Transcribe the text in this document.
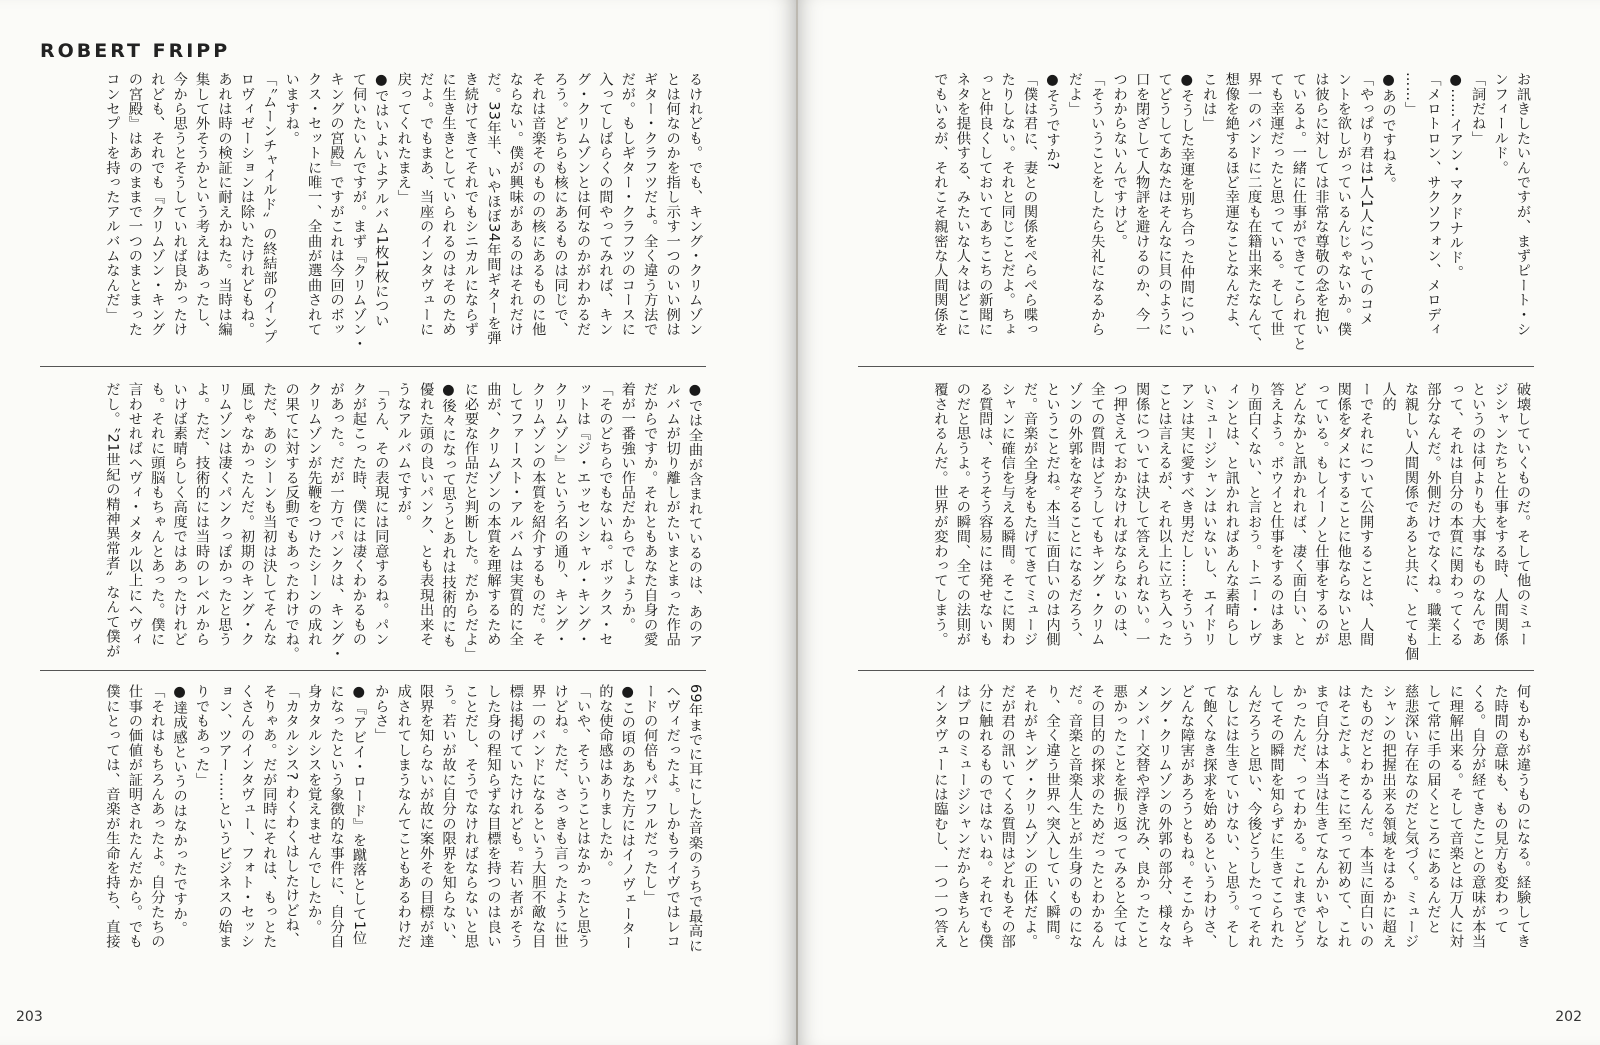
ROBERT FRIPP
るけれども。でも、キング・クリムゾン
とは何なのかを指し示す一つのいい例は
ギター・クラフツだよ。全く違う方法で
だが。もしギター・クラフツのコースに
入ってしばらくの間やってみれば、キン
グ・クリムゾンとは何なのかがわかるだ
ろう。どちらも核にあるものは同じで、
それは音楽そのものの核にあるものに他
ならない。僕が興味があるのはそれだけ
だ。33年半、いやほぼ34年間ギターを弾
き続けてきてそれでもシニカルにならず
に生き生きとしていられるのはそのため
だよ。でもまあ、当座のインタヴューに
戻ってくれたまえ」
●ではいよいよアルバム1枚1枚につい
て伺いたいんですが。まず『クリムゾン・
キングの宮殿』ですがこれは今回のボッ
クス・セットに唯一、全曲が選曲されて
いますね。
「〝ムーンチャイルド〟の終結部のインプ
ロヴィゼーションは除いたけれどもね。
あれは時の検証に耐えかねた。当時は編
集して外そうかという考えはあったし、
今から思うとそうしていれば良かったけ
れども、それでも『クリムゾン・キング
の宮殿』はあのままで一つのまとまった
コンセプトを持ったアルバムなんだ」
●では全曲が含まれているのは、あのア
ルバムが切り離しがたいまとまった作品
だからですか。それともあなた自身の愛
着が一番強い作品だからでしょうか。
「そのどちらでもないね。ボックス・セ
ットは『ジ・エッセンシャル・キング・
クリムゾン』という名の通り、キング・
クリムゾンの本質を紹介するものだ。そ
してファースト・アルバムは実質的に全
曲が、クリムゾンの本質を理解するため
に必要な作品だと判断した。だからだよ」
●後々になって思うとあれは技術的にも
優れた頭の良いパンク、とも表現出来そ
うなアルバムですが。
「うん、その表現には同意するね。パン
クが起こった時、僕には凄くわかるもの
があった。だが一方でパンクは、キング・
クリムゾンが先鞭をつけたシーンの成れ
の果てに対する反動でもあったわけでね。
ただ、あのシーンも当初は決してそんな
風じゃなかったんだ。初期のキング・ク
リムゾンは凄くパンクっぽかったと思う
よ。ただ、技術的には当時のレベルから
いけば素晴らしく高度ではあったけれど
も。それに頭脳もちゃんとあった。僕に
言わせればヘヴィ・メタル以上にヘヴィ
だし。〝21世紀の精神異常者〟なんて僕が
69年までに耳にした音楽のうちで最高に
ヘヴィだったよ。しかもライヴではレコ
ードの何倍もパワフルだったし」
●この頃のあなた方にはイノヴェーター
的な使命感はありましたか。
「いや、そういうことはなかったと思う
けどね。ただ、さっきも言ったように世
界一のバンドになるという大胆不敵な目
標は掲げていたけれども。若い者がそう
した身の程知らずな目標を持つのは良い
ことだし、そうでなければならないと思
う。若いが故に自分の限界を知らない、
限界を知らないが故に案外その目標が達
成されてしまうなんてこともあるわけだ
からさ」
●『アビイ・ロード』を蹴落として1位
になったという象徴的な事件に、自分自
身カタルシスを覚えませんでしたか。
「カタルシス? わくわくはしたけどね、
そりゃあ。だが同時にそれは、もっとた
くさんのインタヴュー、フォト・セッシ
ョン、ツアー……というビジネスの始ま
りでもあった」
●達成感というのはなかったですか。
「それはもちろんあったよ。自分たちの
仕事の価値が証明されたんだから。でも
僕にとっては、音楽が生命を持ち、直接
お訊きしたいんですが、まずピート・シ
ンフィールド。
「詞だね」
●……イアン・マクドナルド。
「メロトロン、サクソフォン、メロディ
……」
●あのですねえ。
「やっぱり君は1人1人についてのコメ
ントを欲しがっているんじゃないか。僕
は彼らに対しては非常な尊敬の念を抱い
ているよ。一緒に仕事ができてこられてと
ても幸運だったと思っている。そして世
界一のバンドに二度も在籍出来たなんて、
想像を絶するほど幸運なことなんだよ、
これは」
●そうした幸運を別ち合った仲間につい
てどうしてあなたはそんなに貝のように
口を閉ざして人物評を避けるのか、今一
つわからないんですけど。
「そういうことをしたら失礼になるから
だよ」
●そうですか?
「僕は君に、妻との関係をぺらぺら喋っ
たりしない。それと同じことだよ。ちょ
っと仲良くしておいてあちこちの新聞に
ネタを提供する、みたいな人々はどこに
でもいるが、それこそ親密な人間関係を
破壊していくものだ。そして他のミュー
ジシャンたちと仕事をする時、人間関係
というのは何よりも大事なものなんであ
って、それは自分の本質に関わってくる
部分なんだ。外側だけでなくね。職業上
な親しい人間関係であると共に、とても個人的
ーでそれについて公開することは、人間
関係をダメにすることに他ならないと思
っている。もしイーノと仕事をするのが
どんなかと訊かれれば、凄く面白い、と
答えよう。ボウイと仕事をするのはあま
り面白くない、と言おう。トニー・レヴ
ィンとは、と訊かれればあんな素晴らし
いミュージシャンはいないし、エイドリ
アンは実に愛すべき男だし……そういう
ことは言えるが、それ以上に立ち入った
関係については決して答えられない。一
つ押さえておかなければならないのは、
全ての質問はどうしてもキング・クリム
ゾンの外郭をなぞることになるだろう、
ということだね。本当に面白いのは内側
だ。音楽が全身をもたげてきてミュージ
シャンに確信を与える瞬間。そこに関わ
る質問は、そうそう容易には発せないも
のだと思うよ。その瞬間、全ての法則が
覆されるんだ。世界が変わってしまう。
何もかもが違うものになる。経験してき
た時間の意味も、もの見方も変わって
くる。自分が経てきたことの意味が本当
に理解出来る。そして音楽とは万人に対
して常に手の届くところにあるんだと
慈悲深い存在なのだと気づく。ミュージ
シャンの把握出来る領域をはるかに超え
たものだとわかるんだ。本当に面白いの
はそこだよ。そこに至って初めて、これ
まで自分は本当は生きてなんかいやしな
かったんだ、ってわかる。これまでどう
してその瞬間を知らずに生きてこられた
んだろうと思い、今後どうしたってそれ
なしには生きていけない、と思う。そし
て飽くなき探求を始めるというわけさ、
どんな障害があろうともね。そこからキ
ング・クリムゾンの外郭の部分、様々な
メンバー交替や浮き沈み、良かったこと
悪かったことを振り返ってみると全ては
その目的の探求のためだったとわかるん
だ。音楽と音楽人生とが生身のものにな
り、全く違う世界へ突入していく瞬間。
それがキング・クリムゾンの正体だよ。
だが君の訊いてくる質問はどれもその部
分に触れるものではないね。それでも僕
はプロのミュージシャンだからきちんと
インタヴューには臨むし、一つ一つ答え
203	202
